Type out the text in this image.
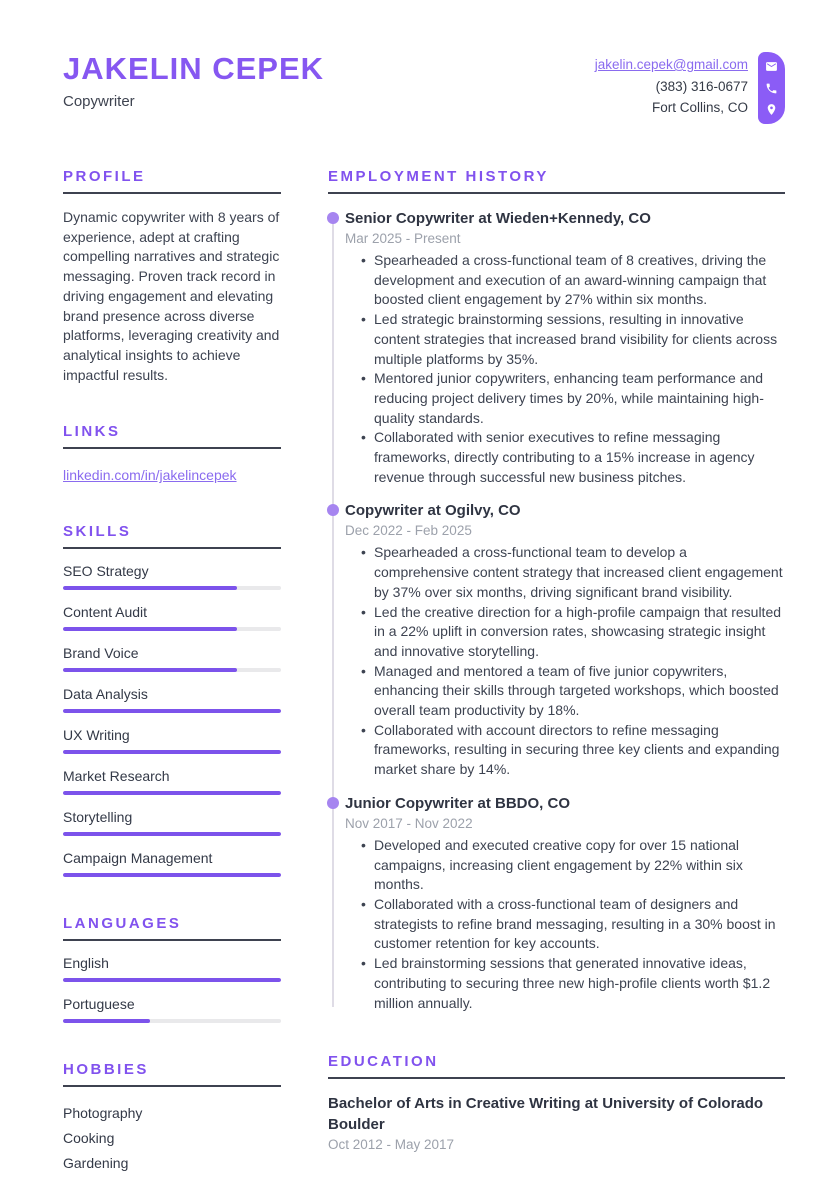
JAKELIN CEPEK
Copywriter
jakelin.cepek@gmail.com
(383) 316-0677
Fort Collins, CO
PROFILE
Dynamic copywriter with 8 years of experience, adept at crafting compelling narratives and strategic messaging. Proven track record in driving engagement and elevating brand presence across diverse platforms, leveraging creativity and analytical insights to achieve impactful results.
LINKS
linkedin.com/in/jakelincepek
SKILLS
SEO Strategy
Content Audit
Brand Voice
Data Analysis
UX Writing
Market Research
Storytelling
Campaign Management
LANGUAGES
English
Portuguese
HOBBIES
Photography
Cooking
Gardening
EMPLOYMENT HISTORY
Senior Copywriter at Wieden+Kennedy, CO
Mar 2025 - Present
• Spearheaded a cross-functional team of 8 creatives, driving the development and execution of an award-winning campaign that boosted client engagement by 27% within six months.
• Led strategic brainstorming sessions, resulting in innovative content strategies that increased brand visibility for clients across multiple platforms by 35%.
• Mentored junior copywriters, enhancing team performance and reducing project delivery times by 20%, while maintaining high-quality standards.
• Collaborated with senior executives to refine messaging frameworks, directly contributing to a 15% increase in agency revenue through successful new business pitches.
Copywriter at Ogilvy, CO
Dec 2022 - Feb 2025
• Spearheaded a cross-functional team to develop a comprehensive content strategy that increased client engagement by 37% over six months, driving significant brand visibility.
• Led the creative direction for a high-profile campaign that resulted in a 22% uplift in conversion rates, showcasing strategic insight and innovative storytelling.
• Managed and mentored a team of five junior copywriters, enhancing their skills through targeted workshops, which boosted overall team productivity by 18%.
• Collaborated with account directors to refine messaging frameworks, resulting in securing three key clients and expanding market share by 14%.
Junior Copywriter at BBDO, CO
Nov 2017 - Nov 2022
• Developed and executed creative copy for over 15 national campaigns, increasing client engagement by 22% within six months.
• Collaborated with a cross-functional team of designers and strategists to refine brand messaging, resulting in a 30% boost in customer retention for key accounts.
• Led brainstorming sessions that generated innovative ideas, contributing to securing three new high-profile clients worth $1.2 million annually.
EDUCATION
Bachelor of Arts in Creative Writing at University of Colorado Boulder
Oct 2012 - May 2017
